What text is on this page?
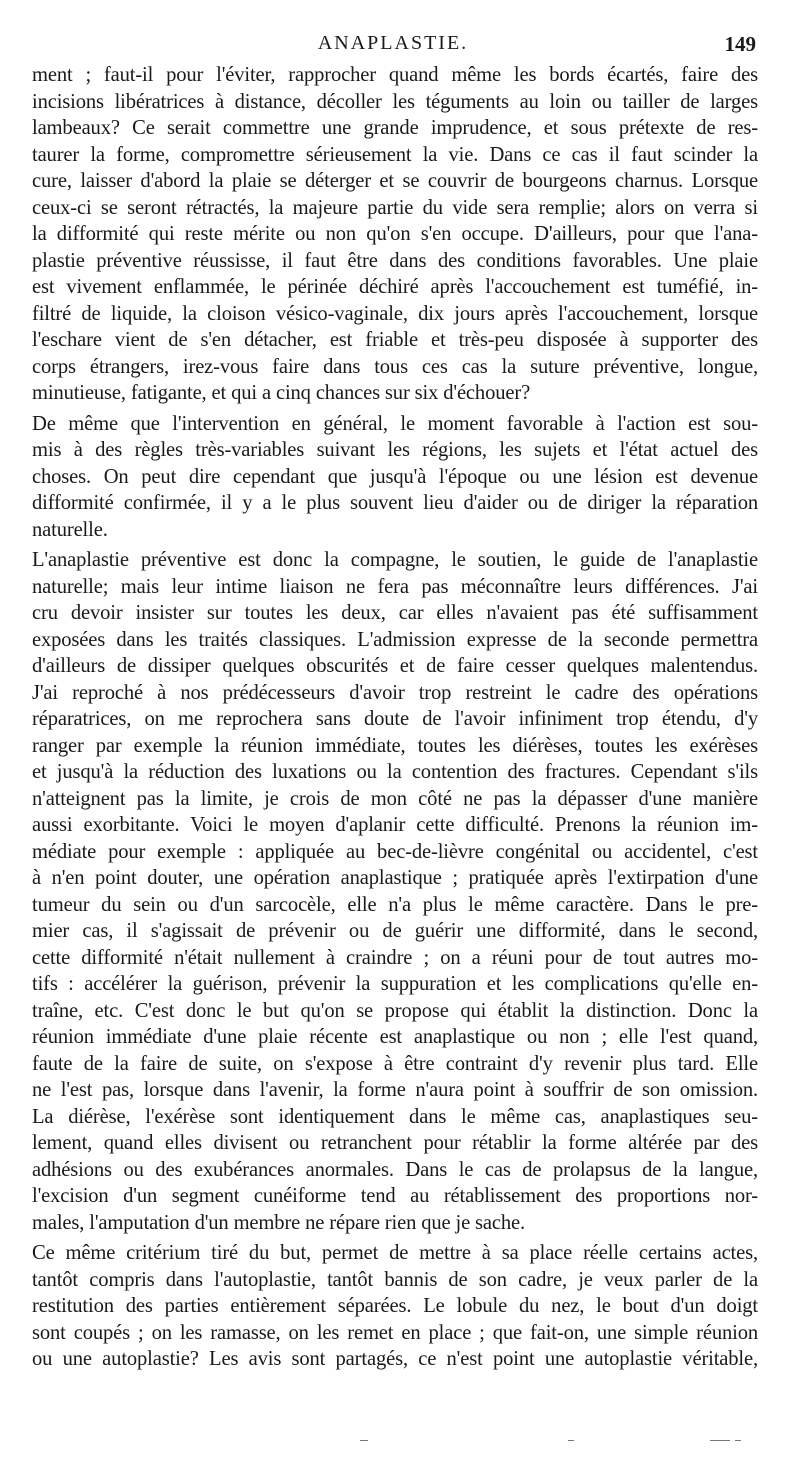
ANAPLASTIE.	149
ment ; faut-il pour l'éviter, rapprocher quand même les bords écartés, faire des
incisions libératrices à distance, décoller les téguments au loin ou tailler de larges
lambeaux? Ce serait commettre une grande imprudence, et sous prétexte de res-
taurer la forme, compromettre sérieusement la vie. Dans ce cas il faut scinder la
cure, laisser d'abord la plaie se déterger et se couvrir de bourgeons charnus. Lorsque
ceux-ci se seront rétractés, la majeure partie du vide sera remplie; alors on verra si
la difformité qui reste mérite ou non qu'on s'en occupe. D'ailleurs, pour que l'ana-
plastie préventive réussisse, il faut être dans des conditions favorables. Une plaie
est vivement enflammée, le périnée déchiré après l'accouchement est tuméfié, in-
filtré de liquide, la cloison vésico-vaginale, dix jours après l'accouchement, lorsque
l'eschare vient de s'en détacher, est friable et très-peu disposée à supporter des
corps étrangers, irez-vous faire dans tous ces cas la suture préventive, longue,
minutieuse, fatigante, et qui a cinq chances sur six d'échouer?
De même que l'intervention en général, le moment favorable à l'action est sou-
mis à des règles très-variables suivant les régions, les sujets et l'état actuel des
choses. On peut dire cependant que jusqu'à l'époque ou une lésion est devenue
difformité confirmée, il y a le plus souvent lieu d'aider ou de diriger la réparation
naturelle.
L'anaplastie préventive est donc la compagne, le soutien, le guide de l'anaplastie
naturelle; mais leur intime liaison ne fera pas méconnaître leurs différences. J'ai
cru devoir insister sur toutes les deux, car elles n'avaient pas été suffisamment
exposées dans les traités classiques. L'admission expresse de la seconde permettra
d'ailleurs de dissiper quelques obscurités et de faire cesser quelques malentendus.
J'ai reproché à nos prédécesseurs d'avoir trop restreint le cadre des opérations
réparatrices, on me reprochera sans doute de l'avoir infiniment trop étendu, d'y
ranger par exemple la réunion immédiate, toutes les diérèses, toutes les exérèses
et jusqu'à la réduction des luxations ou la contention des fractures. Cependant s'ils
n'atteignent pas la limite, je crois de mon côté ne pas la dépasser d'une manière
aussi exorbitante. Voici le moyen d'aplanir cette difficulté. Prenons la réunion im-
médiate pour exemple : appliquée au bec-de-lièvre congénital ou accidentel, c'est
à n'en point douter, une opération anaplastique ; pratiquée après l'extirpation d'une
tumeur du sein ou d'un sarcocèle, elle n'a plus le même caractère. Dans le pre-
mier cas, il s'agissait de prévenir ou de guérir une difformité, dans le second,
cette difformité n'était nullement à craindre ; on a réuni pour de tout autres mo-
tifs : accélérer la guérison, prévenir la suppuration et les complications qu'elle en-
traîne, etc. C'est donc le but qu'on se propose qui établit la distinction. Donc la
réunion immédiate d'une plaie récente est anaplastique ou non ; elle l'est quand,
faute de la faire de suite, on s'expose à être contraint d'y revenir plus tard. Elle
ne l'est pas, lorsque dans l'avenir, la forme n'aura point à souffrir de son omission.
La diérèse, l'exérèse sont identiquement dans le même cas, anaplastiques seu-
lement, quand elles divisent ou retranchent pour rétablir la forme altérée par des
adhésions ou des exubérances anormales. Dans le cas de prolapsus de la langue,
l'excision d'un segment cunéiforme tend au rétablissement des proportions nor-
males, l'amputation d'un membre ne répare rien que je sache.
Ce même critérium tiré du but, permet de mettre à sa place réelle certains actes,
tantôt compris dans l'autoplastie, tantôt bannis de son cadre, je veux parler de la
restitution des parties entièrement séparées. Le lobule du nez, le bout d'un doigt
sont coupés ; on les ramasse, on les remet en place ; que fait-on, une simple réunion
ou une autoplastie? Les avis sont partagés, ce n'est point une autoplastie véritable,
